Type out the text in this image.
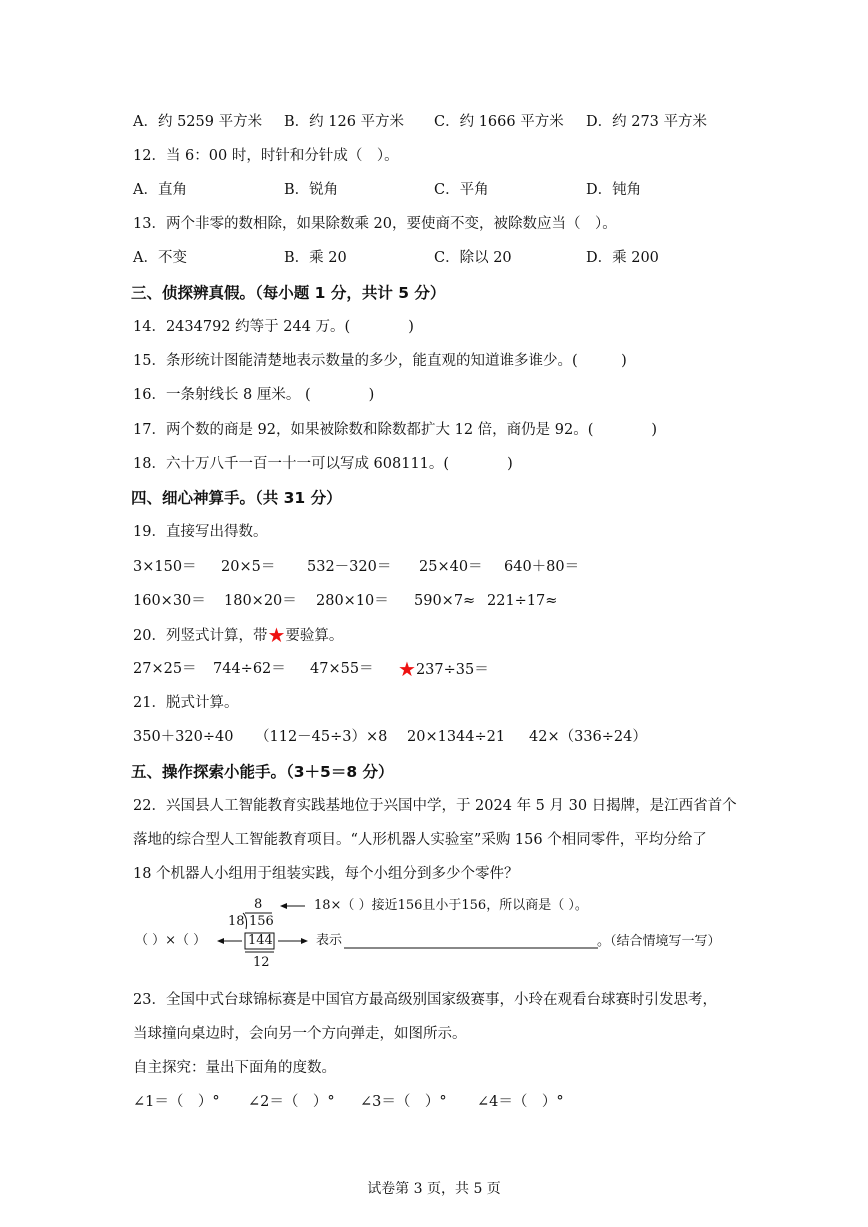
A．约 5259 平方米 B．约 126 平方米 C．约 1666 平方米 D．约 273 平方米
12．当 6：00 时，时针和分针成（　）。
A．直角	B．锐角	C．平角	D．钝角
13．两个非零的数相除，如果除数乘 20，要使商不变，被除数应当（　）。
A．不变	B．乘 20	C．除以 20	D．乘 200
三、侦探辨真假。（每小题 1 分，共计 5 分）
14．2434792 约等于 244 万。(　　　　)
15．条形统计图能清楚地表示数量的多少，能直观的知道谁多谁少。(　　　)
16．一条射线长 8 厘米。 (　　　　)
17．两个数的商是 92，如果被除数和除数都扩大 12 倍，商仍是 92。(　　　　)
18．六十万八千一百一十一可以写成 608111。(　　　　)
四、细心神算手。（共 31 分）
19．直接写出得数。
3×150＝ 20×5＝ 532－320＝ 25×40＝ 640＋80＝
160×30＝ 180×20＝ 280×10＝ 590×7≈ 221÷17≈
20．列竖式计算，带★要验算。
27×25＝ 744÷62＝ 47×55＝ ★237÷35＝
21．脱式计算。
350＋320÷40 （112－45÷3）×8 20×1344÷21 42×（336÷24）
五、操作探索小能手。（3＋5＝8 分）
22．兴国县人工智能教育实践基地位于兴国中学，于 2024 年 5 月 30 日揭牌，是江西省首个
落地的综合型人工智能教育项目。“人形机器人实验室”采购 156 个相同零件，平均分给了
18 个机器人小组用于组装实践，每个小组分到多少个零件？
8
18 156
144
12
18×（ ）接近156且小于156，所以商是（ ）。
（ ）×（ ）	表示	。（结合情境写一写）
23．全国中式台球锦标赛是中国官方最高级别国家级赛事，小玲在观看台球赛时引发思考，
当球撞向桌边时，会向另一个方向弹走，如图所示。
自主探究：量出下面角的度数。
∠1＝（　）° ∠2＝（　）° ∠3＝（　）° ∠4＝（　）°
试卷第 3 页，共 5 页
